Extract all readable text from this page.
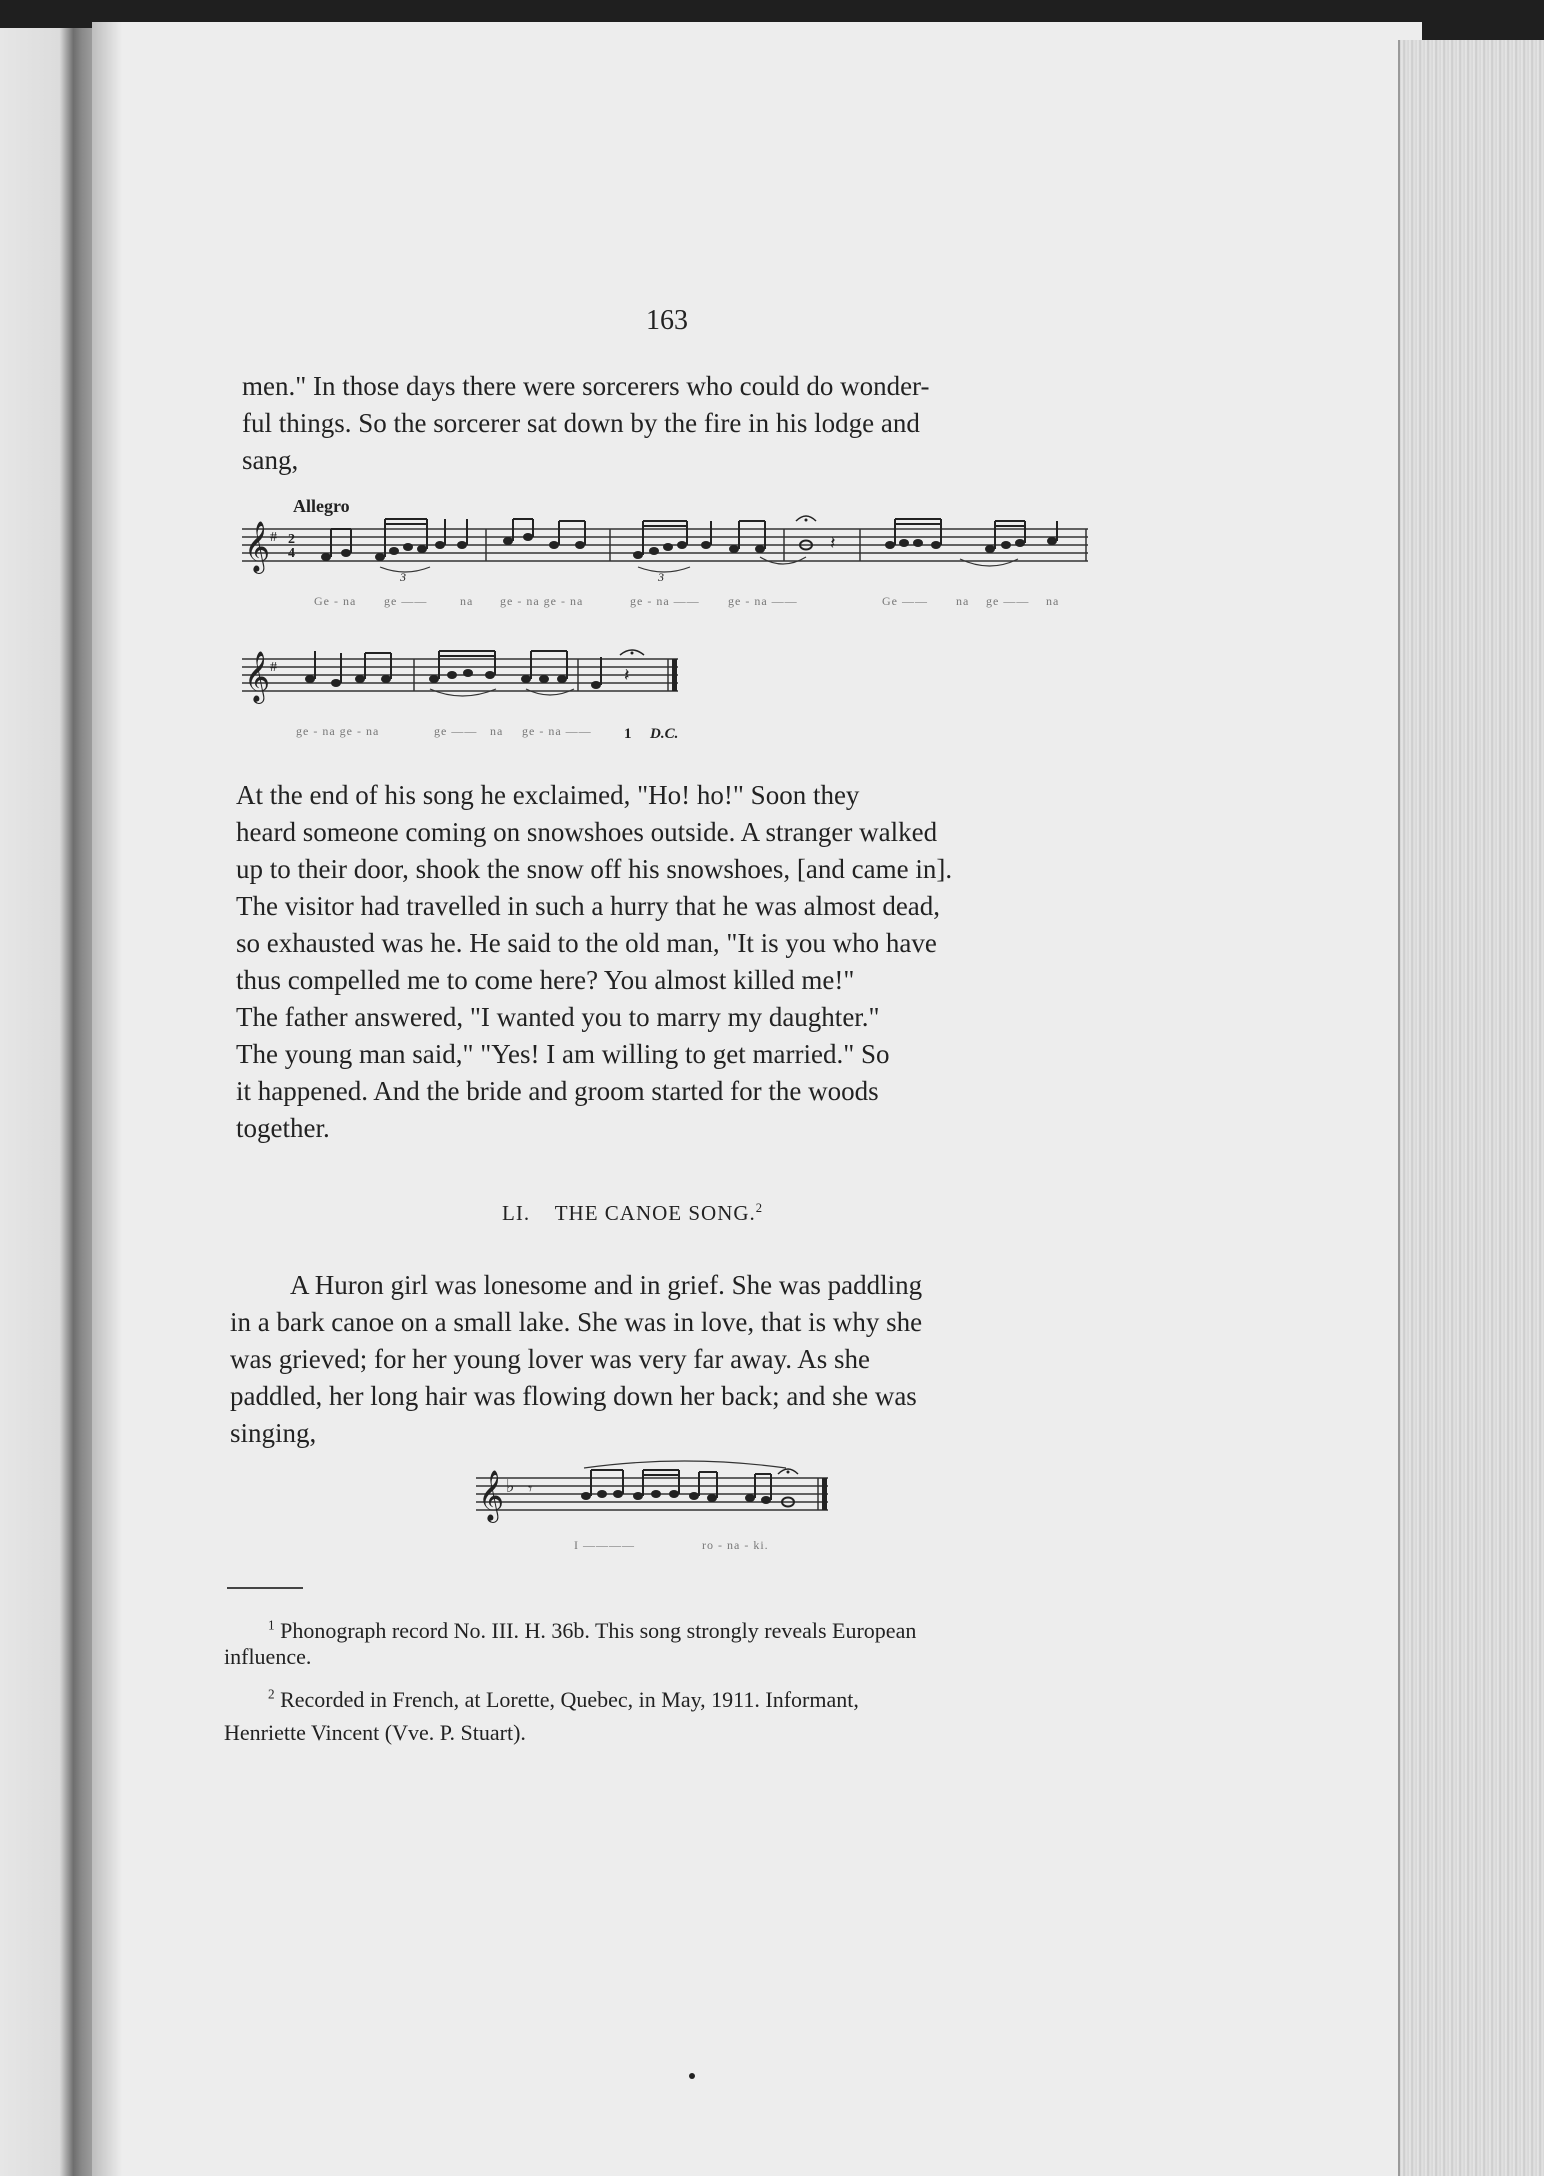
163
men." In those days there were sorcerers who could do wonder-
ful things. So the sorcerer sat down by the fire in his lodge and
sang,
Allegro
𝄞 # 2
4
𝄽
3	3
Ge - na ge ——	na ge - na ge - na	ge - na —— ge - na ——	Ge —— na ge —— na
𝄞 #	𝄽
ge - na ge - na	ge —— na ge - na —— 1 D.C.
At the end of his song he exclaimed, "Ho! ho!" Soon they
heard someone coming on snowshoes outside. A stranger walked
up to their door, shook the snow off his snowshoes, [and came in].
The visitor had travelled in such a hurry that he was almost dead,
so exhausted was he. He said to the old man, "It is you who have
thus compelled me to come here? You almost killed me!"
The father answered, "I wanted you to marry my daughter."
The young man said," "Yes! I am willing to get married." So
it happened. And the bride and groom started for the woods
together.
LI. THE CANOE SONG.$^2$
A Huron girl was lonesome and in grief. She was paddling
in a bark canoe on a small lake. She was in love, that is why she
was grieved; for her young lover was very far away. As she
paddled, her long hair was flowing down her back; and she was
singing,
𝄞 ♭ 𝄾
I ————	ro - na - ki.
$^1$ Phonograph record No. III. H. 36b. This song strongly reveals European
influence.
$^2$ Recorded in French, at Lorette, Quebec, in May, 1911. Informant,
Henriette Vincent (Vve. P. Stuart).
